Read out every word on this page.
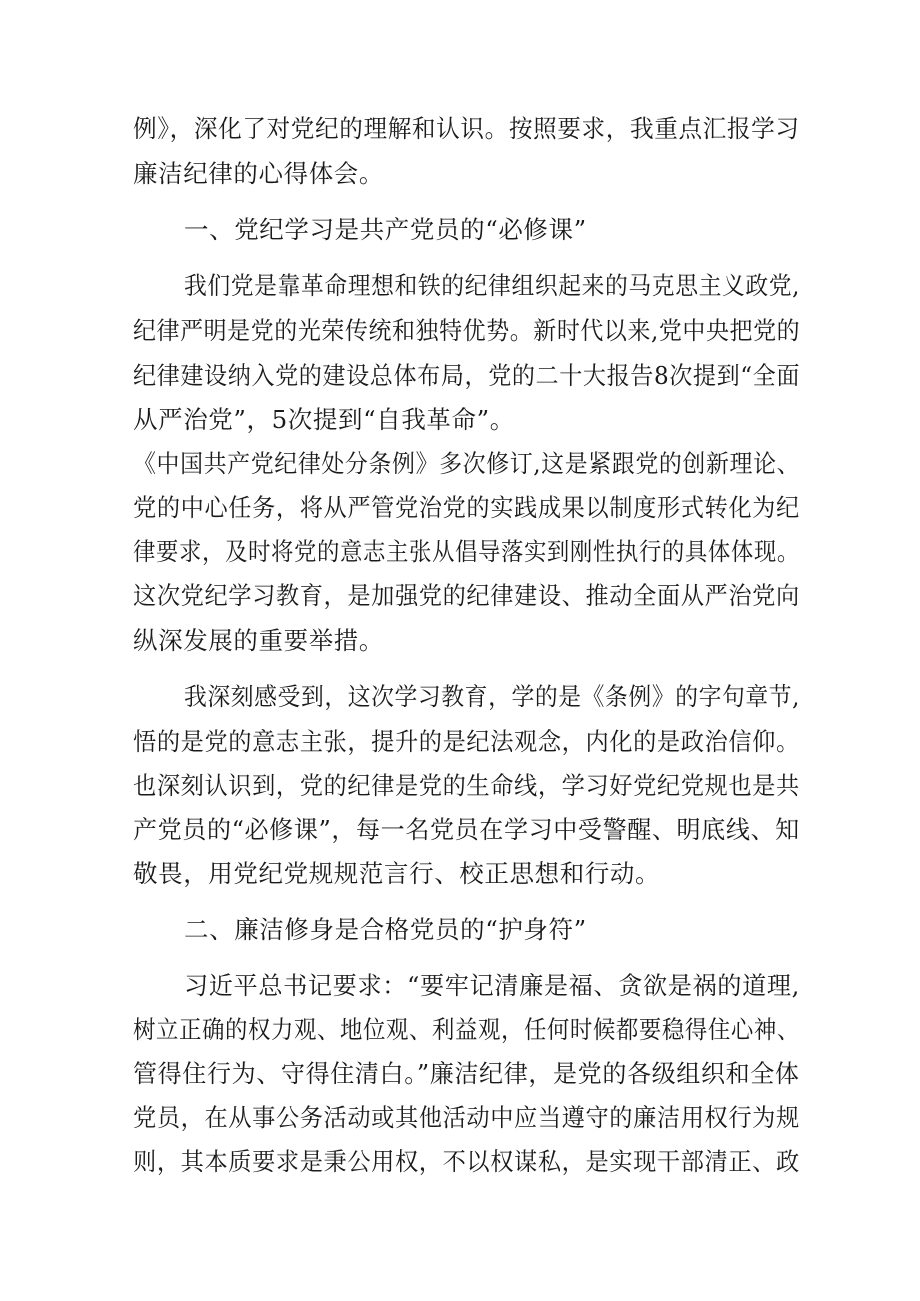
例》，深化了对党纪的理解和认识。按照要求，我重点汇报学习
廉洁纪律的心得体会。
一、党纪学习是共产党员的“必修课”
我们党是靠革命理想和铁的纪律组织起来的马克思主义政党,
纪律严明是党的光荣传统和独特优势。新时代以来,党中央把党的
纪律建设纳入党的建设总体布局，党的二十大报告8次提到“全面
从严治党”，5次提到“自我革命”。
《中国共产党纪律处分条例》多次修订,这是紧跟党的创新理论、
党的中心任务，将从严管党治党的实践成果以制度形式转化为纪
律要求，及时将党的意志主张从倡导落实到刚性执行的具体体现。
这次党纪学习教育，是加强党的纪律建设、推动全面从严治党向
纵深发展的重要举措。
我深刻感受到，这次学习教育，学的是《条例》的字句章节,
悟的是党的意志主张，提升的是纪法观念，内化的是政治信仰。
也深刻认识到，党的纪律是党的生命线，学习好党纪党规也是共
产党员的“必修课”，每一名党员在学习中受警醒、明底线、知
敬畏，用党纪党规规范言行、校正思想和行动。
二、廉洁修身是合格党员的“护身符”
习近平总书记要求：“要牢记清廉是福、贪欲是祸的道理,
树立正确的权力观、地位观、利益观，任何时候都要稳得住心神、
管得住行为、守得住清白。”廉洁纪律，是党的各级组织和全体
党员，在从事公务活动或其他活动中应当遵守的廉洁用权行为规
则，其本质要求是秉公用权，不以权谋私，是实现干部清正、政
